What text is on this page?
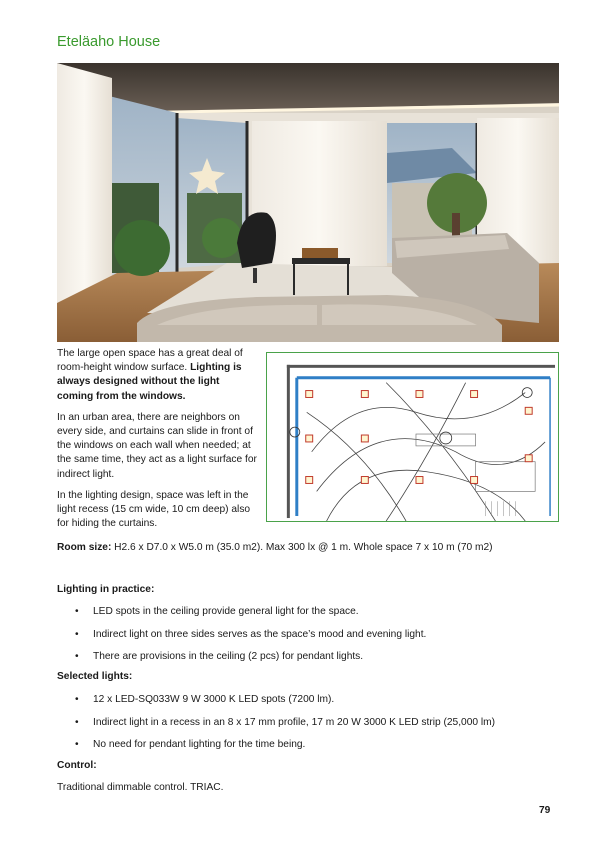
Eteläaho House

The large open space has a great deal of room-height window surface. Lighting is always designed without the light coming from the windows.

In an urban area, there are neighbors on every side, and curtains can slide in front of the windows on each wall when needed; at the same time, they act as a light surface for indirect light.

In the lighting design, space was left in the light recess (15 cm wide, 10 cm deep) also for hiding the curtains.

Room size: H2.6 x D7.0 x W5.0 m (35.0 m2). Max 300 lx @ 1 m. Whole space 7 x 10 m (70 m2)
Lighting in practice:
• LED spots in the ceiling provide general light for the space.
• Indirect light on three sides serves as the space’s mood and evening light.
• There are provisions in the ceiling (2 pcs) for pendant lights.
Selected lights:
• 12 x LED-SQ033W 9 W 3000 K LED spots (7200 lm).
• Indirect light in a recess in an 8 x 17 mm profile, 17 m 20 W 3000 K LED strip (25,000 lm)
• No need for pendant lighting for the time being.
Control:
Traditional dimmable control. TRIAC.
79
